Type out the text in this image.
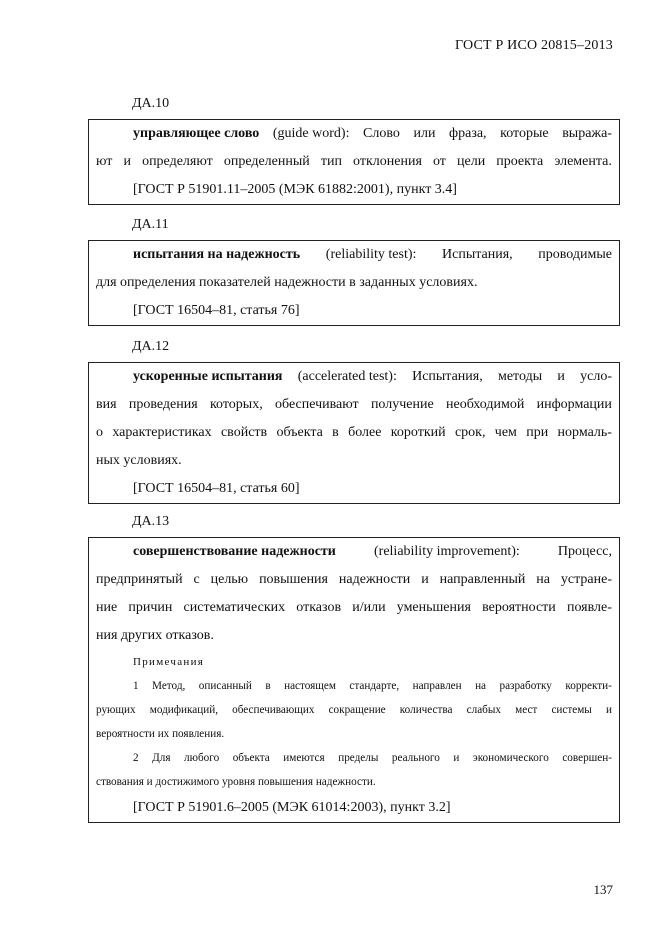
ГОСТ Р ИСО 20815–2013
ДА.10
управляющее слово (guide word): Слово или фраза, которые выража-
ют и определяют определенный тип отклонения от цели проекта элемента.
[ГОСТ Р 51901.11–2005 (МЭК 61882:2001), пункт 3.4]
ДА.11
испытания на надежность (reliability test): Испытания, проводимые
для определения показателей надежности в заданных условиях.
[ГОСТ 16504–81, статья 76]
ДА.12
ускоренные испытания (accelerated test): Испытания, методы и усло-
вия проведения которых, обеспечивают получение необходимой информации
о характеристиках свойств объекта в более короткий срок, чем при нормаль-
ных условиях.
[ГОСТ 16504–81, статья 60]
ДА.13
совершенствование надежности	(reliability improvement):	Процесс,
предпринятый с целью повышения надежности и направленный на устране-
ние причин систематических отказов и/или уменьшения вероятности появле-
ния других отказов.
Примечания
1 Метод, описанный в настоящем стандарте, направлен на разработку корректи-
рующих модификаций, обеспечивающих сокращение количества слабых мест системы и
вероятности их появления.
2 Для любого объекта имеются пределы реального и экономического совершен-
ствования и достижимого уровня повышения надежности.
[ГОСТ Р 51901.6–2005 (МЭК 61014:2003), пункт 3.2]
137
